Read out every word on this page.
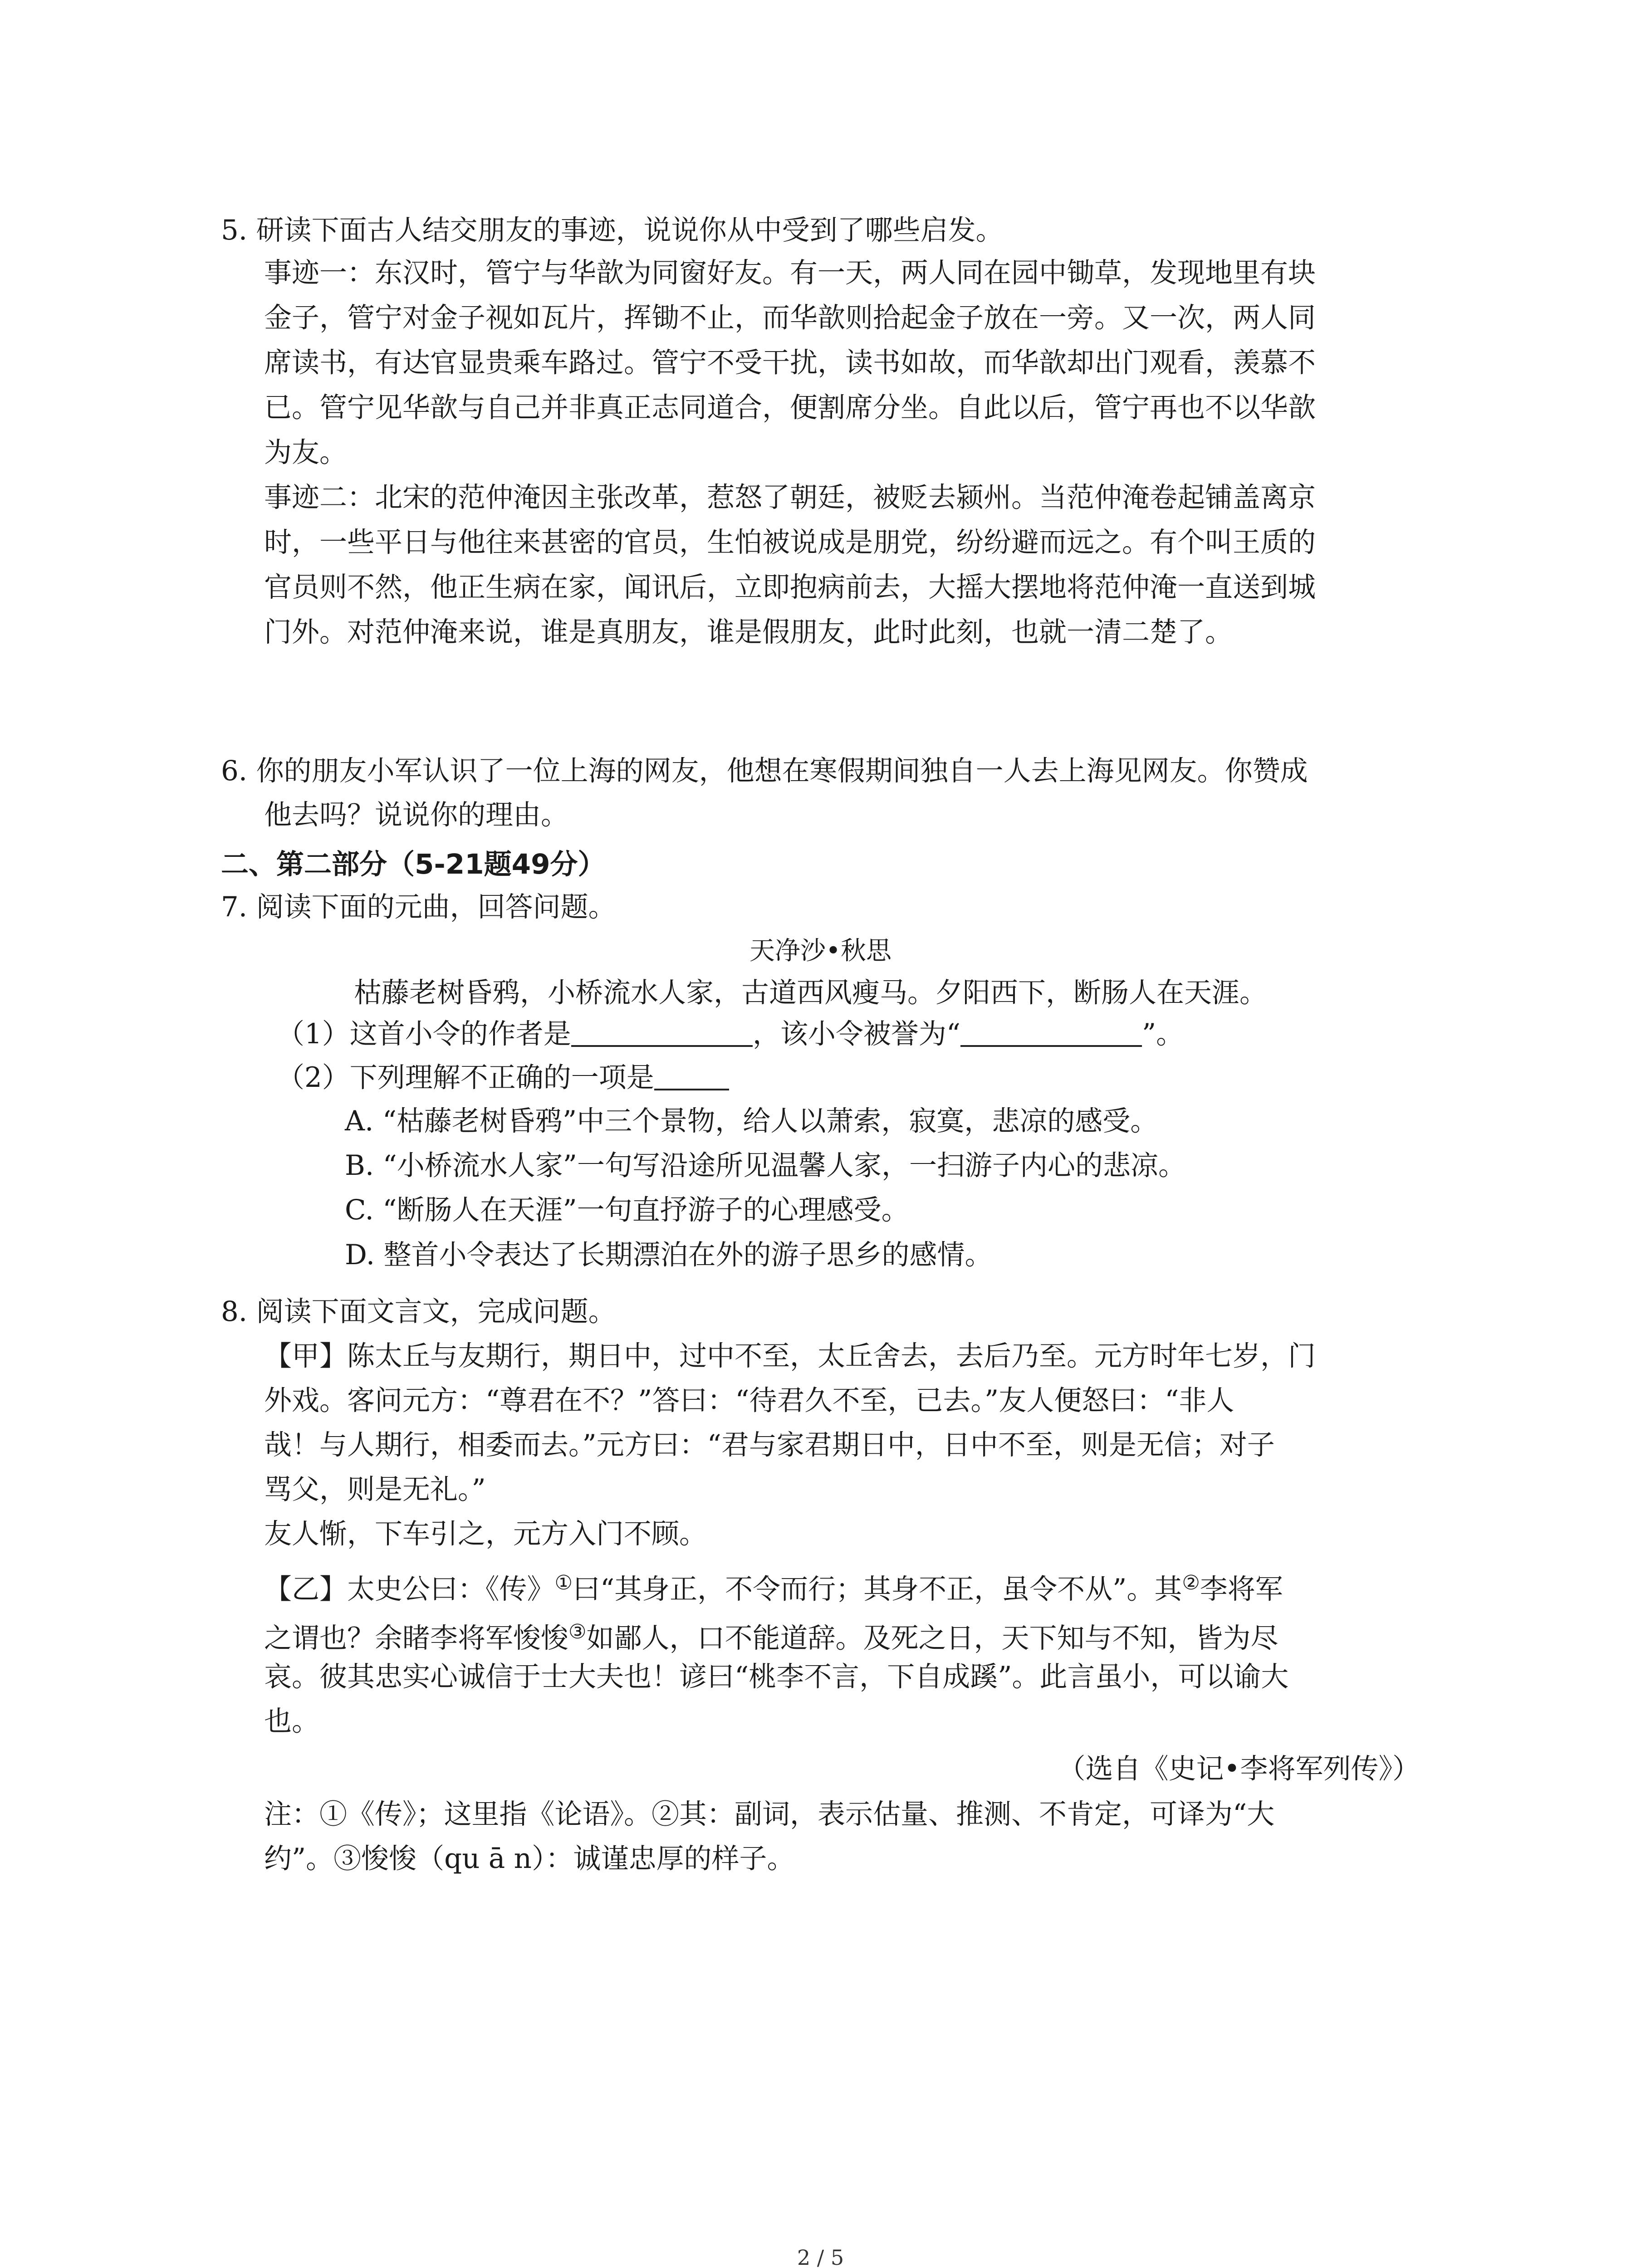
5. 研读下面古人结交朋友的事迹，说说你从中受到了哪些启发。
事迹一：东汉时，管宁与华歆为同窗好友。有一天，两人同在园中锄草，发现地里有块
金子，管宁对金子视如瓦片，挥锄不止，而华歆则拾起金子放在一旁。又一次，两人同
席读书，有达官显贵乘车路过。管宁不受干扰，读书如故，而华歆却出门观看，羡慕不
已。管宁见华歆与自己并非真正志同道合，便割席分坐。自此以后，管宁再也不以华歆
为友。
事迹二：北宋的范仲淹因主张改革，惹怒了朝廷，被贬去颍州。当范仲淹卷起铺盖离京
时，一些平日与他往来甚密的官员，生怕被说成是朋党，纷纷避而远之。有个叫王质的
官员则不然，他正生病在家，闻讯后，立即抱病前去，大摇大摆地将范仲淹一直送到城
门外。对范仲淹来说，谁是真朋友，谁是假朋友，此时此刻，也就一清二楚了。
6. 你的朋友小军认识了一位上海的网友，他想在寒假期间独自一人去上海见网友。你赞成
他去吗？说说你的理由。
二、第二部分（5-21题49分）
7. 阅读下面的元曲，回答问题。
天净沙•秋思
枯藤老树昏鸦，小桥流水人家，古道西风瘦马。夕阳西下，断肠人在天涯。
（1）这首小令的作者是	，该小令被誉为“	”。
（2）下列理解不正确的一项是
A. “枯藤老树昏鸦”中三个景物，给人以萧索，寂寞，悲凉的感受。
B. “小桥流水人家”一句写沿途所见温馨人家，一扫游子内心的悲凉。
C. “断肠人在天涯”一句直抒游子的心理感受。
D. 整首小令表达了长期漂泊在外的游子思乡的感情。
8. 阅读下面文言文，完成问题。
【甲】陈太丘与友期行，期日中，过中不至，太丘舍去，去后乃至。元方时年七岁，门
外戏。客问元方：“尊君在不？”答曰：“待君久不至，已去。”友人便怒曰：“非人
哉！与人期行，相委而去。”元方曰：“君与家君期日中，日中不至，则是无信；对子
骂父，则是无礼。”
友人惭，下车引之，元方入门不顾。
【乙】太史公曰：《传》①曰“其身正，不令而行；其身不正，虽令不从”。其②李将军
之谓也？余睹李将军悛悛③如鄙人，口不能道辞。及死之日，天下知与不知，皆为尽
哀。彼其忠实心诚信于士大夫也！谚曰“桃李不言，下自成蹊”。此言虽小，可以谕大
也。
（选自《史记•李将军列传》）
注：①《传》；这里指《论语》。②其：副词，表示估量、推测、不肯定，可译为“大
约”。③悛悛（qu ā n）：诚谨忠厚的样子。
2 / 5
